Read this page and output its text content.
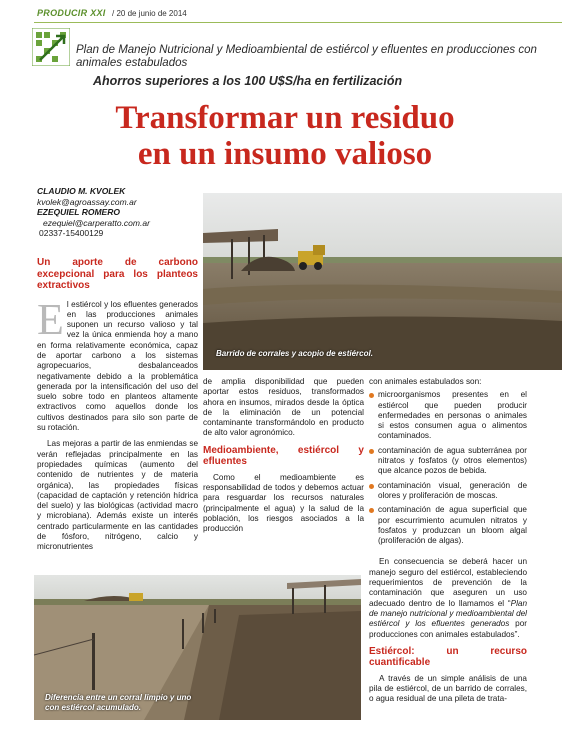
PRODUCIR XXI / 20 de junio de 2014
Plan de Manejo Nutricional y Medioambiental de estiércol y efluentes en producciones con animales estabulados
Ahorros superiores a los 100 U$S/ha en fertilización
Transformar un residuo
en un insumo valioso
CLAUDIO M. KVOLEK
kvolek@agroassay.com.ar
EZEQUIEL ROMERO
ezequiel@carperatto.com.ar
02337-15400129
Un aporte de carbono excepcional para los planteos extractivos

El estiércol y los efluentes generados en las producciones animales suponen un recurso valioso y tal vez la única enmienda hoy a mano en forma relativamente económica, capaz de aportar carbono a los sistemas agropecuarios, desbalanceados negativamente debido a la problemática generada por la intensificación del uso del suelo sobre todo en planteos altamente extractivos como aquellos donde los cultivos destinados para silo son parte de su rotación.

Las mejoras a partir de las enmiendas se verán reflejadas principalmente en las propiedades químicas (aumento del contenido de nutrientes y de materia orgánica), las propiedades físicas (capacidad de captación y retención hídrica del suelo) y las biológicas (actividad macro y microbiana). Además existe un interés centrado particularmente en las cantidades de fósforo, nitrógeno, calcio y micronutrientes

Barrido de corrales y acopio de estiércol.

de amplia disponibilidad que pueden aportar estos residuos, transformados ahora en insumos, mirados desde la óptica de la eliminación de un potencial contaminante transformándolo en producto de alto valor agronómico.

Medioambiente, estiércol y efluentes

Como el medioambiente es responsabilidad de todos y debemos actuar para resguardar los recursos naturales (principalmente el agua) y la salud de la población, los riesgos asociados a la producción

con animales estabulados son:

microorganismos presentes en el estiércol que pueden producir enfermedades en personas o animales si estos consumen agua o alimentos contaminados.
contaminación de agua subterránea por nitratos y fosfatos (y otros elementos) que alcance pozos de bebida.
contaminación visual, generación de olores y proliferación de moscas.
contaminación de agua superficial que por escurrimiento acumulen nitratos y fosfatos y produzcan un bloom algal (proliferación de algas).

En consecuencia se deberá hacer un manejo seguro del estiércol, estableciendo requerimientos de prevención de la contaminación que aseguren un uso adecuado dentro de lo llamamos el “Plan de manejo nutricional y medioambiental del estiércol y los efluentes generados por producciones con animales estabulados”.

Estiércol: un recurso cuantificable

A través de un simple análisis de una pila de estiércol, de un barrido de corrales, o agua residual de una pileta de trata-

Diferencia entre un corral limpio y uno con estiércol acumulado.
